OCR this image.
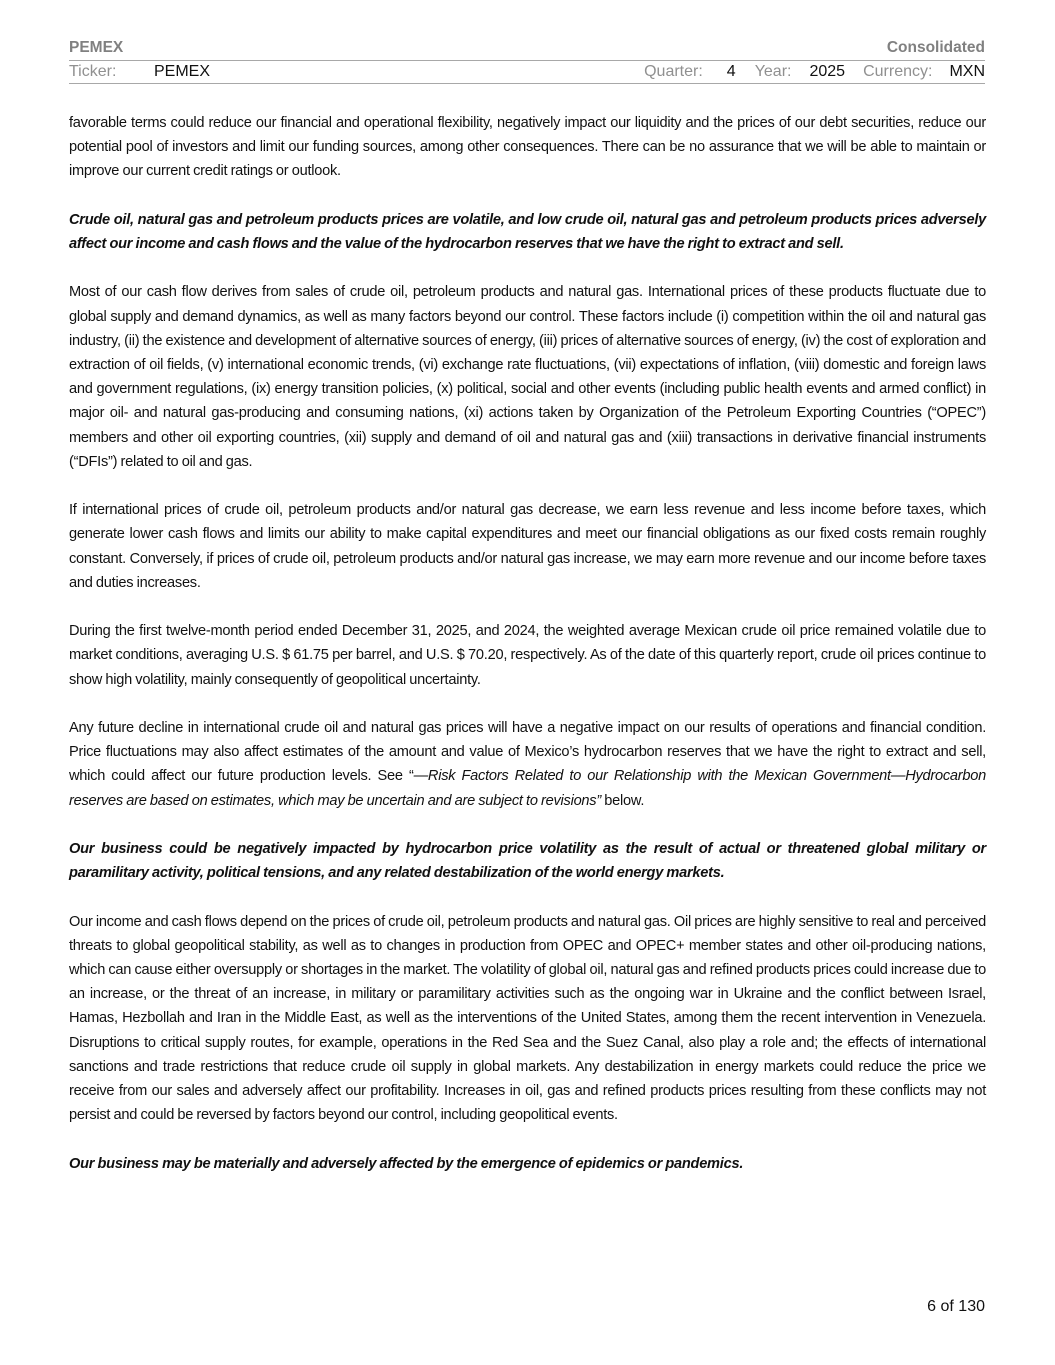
PEMEX	Consolidated
Ticker:	PEMEX	Quarter: 4 Year: 2025 Currency: MXN

favorable terms could reduce our financial and operational flexibility, negatively impact our liquidity and the prices of our debt securities, reduce our potential pool of investors and limit our funding sources, among other consequences. There can be no assurance that we will be able to maintain or improve our current credit ratings or outlook.

Crude oil, natural gas and petroleum products prices are volatile, and low crude oil, natural gas and petroleum products prices adversely affect our income and cash flows and the value of the hydrocarbon reserves that we have the right to extract and sell.

Most of our cash flow derives from sales of crude oil, petroleum products and natural gas. International prices of these products fluctuate due to global supply and demand dynamics, as well as many factors beyond our control. These factors include (i) competition within the oil and natural gas industry, (ii) the existence and development of alternative sources of energy, (iii) prices of alternative sources of energy, (iv) the cost of exploration and extraction of oil fields, (v) international economic trends, (vi) exchange rate fluctuations, (vii) expectations of inflation, (viii) domestic and foreign laws and government regulations, (ix) energy transition policies, (x) political, social and other events (including public health events and armed conflict) in major oil- and natural gas-producing and consuming nations, (xi) actions taken by Organization of the Petroleum Exporting Countries (“OPEC”) members and other oil exporting countries, (xii) supply and demand of oil and natural gas and (xiii) transactions in derivative financial instruments (“DFIs”) related to oil and gas.

If international prices of crude oil, petroleum products and/or natural gas decrease, we earn less revenue and less income before taxes, which generate lower cash flows and limits our ability to make capital expenditures and meet our financial obligations as our fixed costs remain roughly constant. Conversely, if prices of crude oil, petroleum products and/or natural gas increase, we may earn more revenue and our income before taxes and duties increases.

During the first twelve-month period ended December 31, 2025, and 2024, the weighted average Mexican crude oil price remained volatile due to market conditions, averaging U.S. $ 61.75 per barrel, and U.S. $ 70.20, respectively. As of the date of this quarterly report, crude oil prices continue to show high volatility, mainly consequently of geopolitical uncertainty.

Any future decline in international crude oil and natural gas prices will have a negative impact on our results of operations and financial condition. Price fluctuations may also affect estimates of the amount and value of Mexico’s hydrocarbon reserves that we have the right to extract and sell, which could affect our future production levels. See “—Risk Factors Related to our Relationship with the Mexican Government—Hydrocarbon reserves are based on estimates, which may be uncertain and are subject to revisions” below.

Our business could be negatively impacted by hydrocarbon price volatility as the result of actual or threatened global military or paramilitary activity, political tensions, and any related destabilization of the world energy markets.

Our income and cash flows depend on the prices of crude oil, petroleum products and natural gas. Oil prices are highly sensitive to real and perceived threats to global geopolitical stability, as well as to changes in production from OPEC and OPEC+ member states and other oil-producing nations, which can cause either oversupply or shortages in the market. The volatility of global oil, natural gas and refined products prices could increase due to an increase, or the threat of an increase, in military or paramilitary activities such as the ongoing war in Ukraine and the conflict between Israel, Hamas, Hezbollah and Iran in the Middle East, as well as the interventions of the United States, among them the recent intervention in Venezuela. Disruptions to critical supply routes, for example, operations in the Red Sea and the Suez Canal, also play a role and; the effects of international sanctions and trade restrictions that reduce crude oil supply in global markets. Any destabilization in energy markets could reduce the price we receive from our sales and adversely affect our profitability. Increases in oil, gas and refined products prices resulting from these conflicts may not persist and could be reversed by factors beyond our control, including geopolitical events.

Our business may be materially and adversely affected by the emergence of epidemics or pandemics.

6 of 130
